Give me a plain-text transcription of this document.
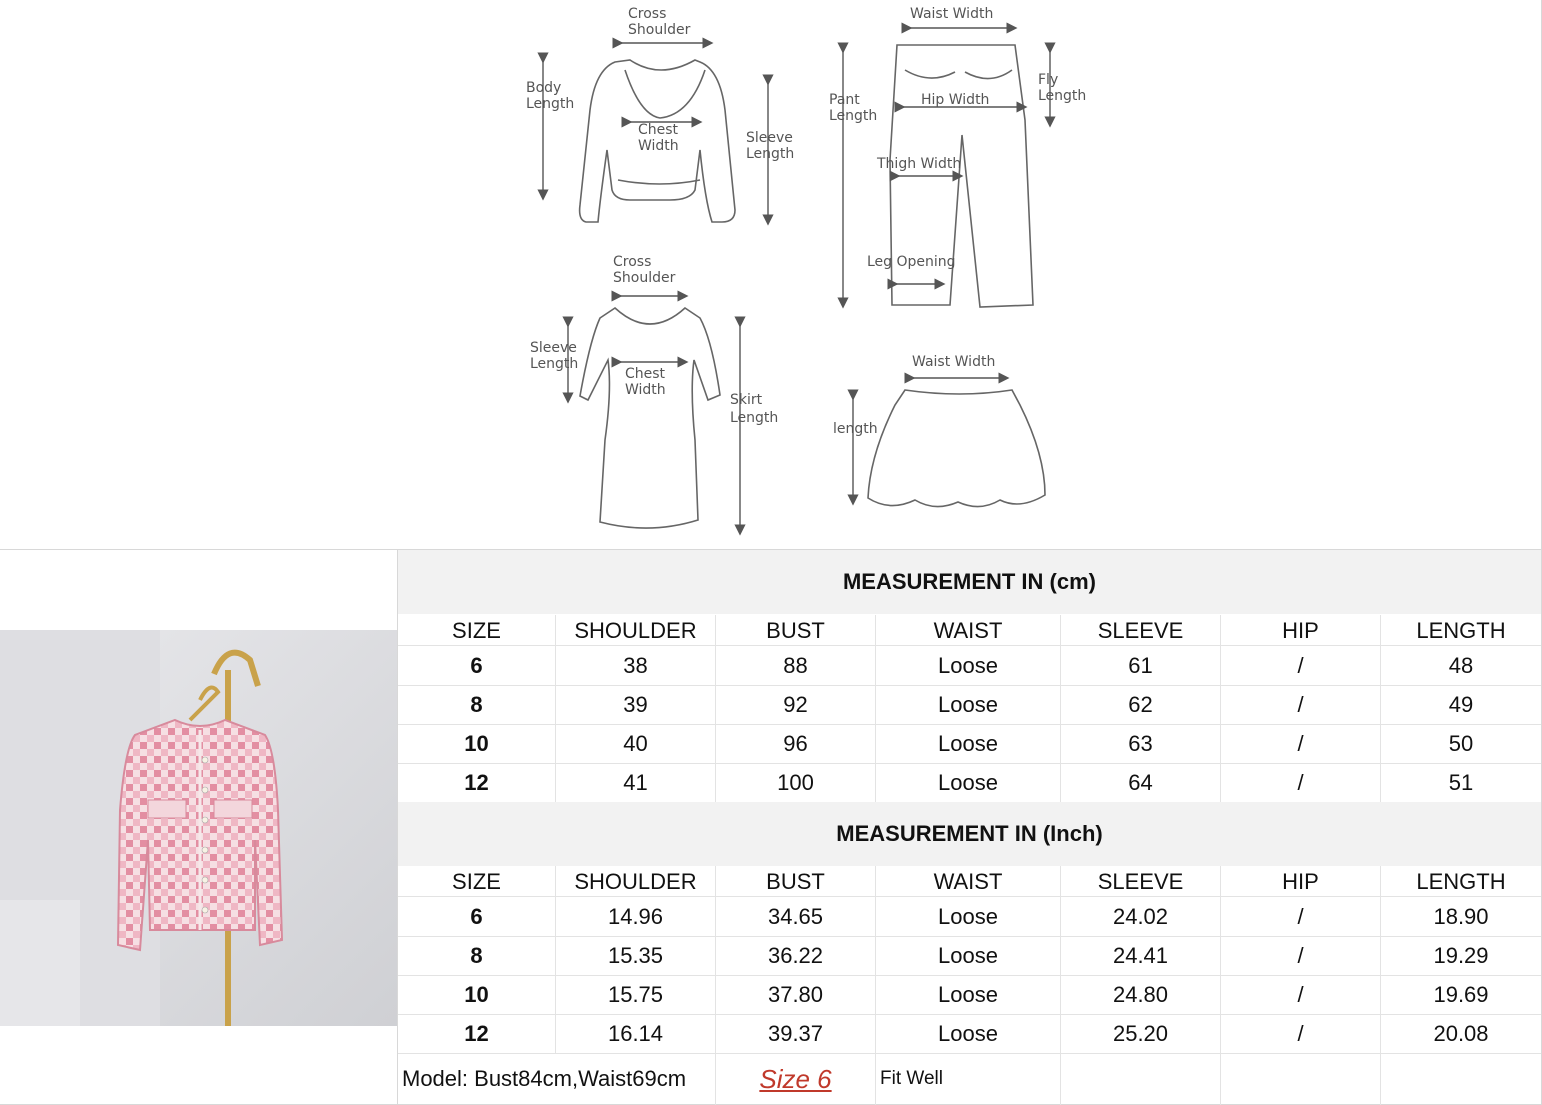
Cross
Shoulder
Body
Length
Chest
Width	Sleeve
Length
Waist Width
Pant
Length
Hip Width
Fly
Length
Thigh Width
Leg Opening
Cross
Shoulder
Sleeve
Length
Chest
Width
Skirt
Length
Waist Width
length
MEASUREMENT IN (cm)
SIZE	SHOULDER	BUST	WAIST	SLEEVE	HIP	LENGTH
6	38	88	Loose	61	/	48
8	39	92	Loose	62	/	49
10	40	96	Loose	63	/	50
12	41	100	Loose	64	/	51
MEASUREMENT IN (Inch)
SIZE	SHOULDER	BUST	WAIST	SLEEVE	HIP	LENGTH
6	14.96	34.65	Loose	24.02	/	18.90
8	15.35	36.22	Loose	24.41	/	19.29
10	15.75	37.80	Loose	24.80	/	19.69
12	16.14	39.37	Loose	25.20	/	20.08
Model: Bust84cm,Waist69cm	Size 6	Fit Well
